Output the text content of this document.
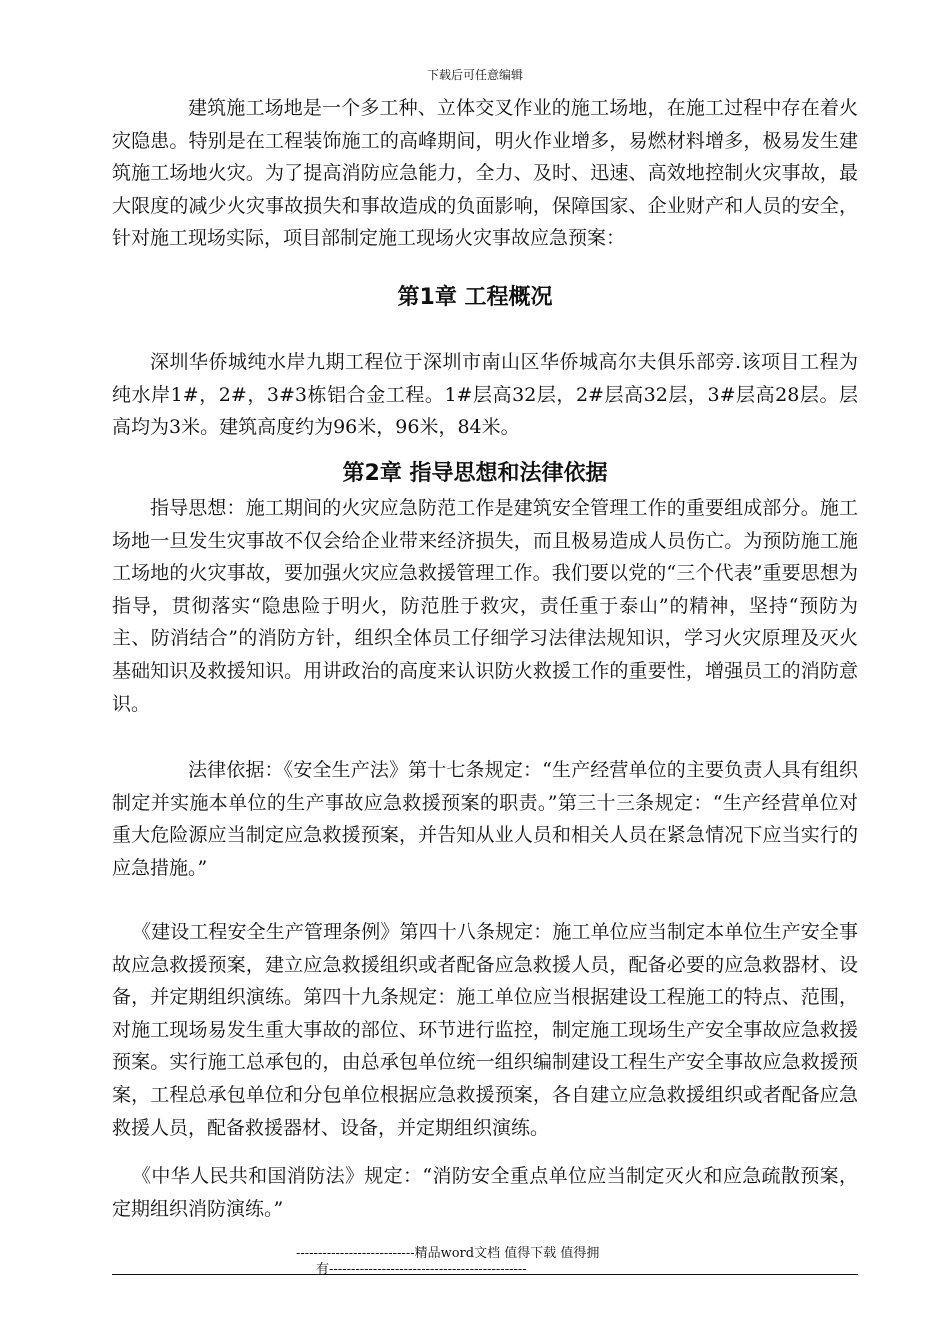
下载后可任意编辑

建筑施工场地是一个多工种、立体交叉作业的施工场地，在施工过程中存在着火灾隐患。特别是在工程装饰施工的高峰期间，明火作业增多，易燃材料增多，极易发生建筑施工场地火灾。为了提高消防应急能力，全力、及时、迅速、高效地控制火灾事故，最大限度的减少火灾事故损失和事故造成的负面影响，保障国家、企业财产和人员的安全，针对施工现场实际，项目部制定施工现场火灾事故应急预案：

第1章 工程概况

深圳华侨城纯水岸九期工程位于深圳市南山区华侨城高尔夫俱乐部旁.该项目工程为纯水岸1#，2#，3#3栋铝合金工程。1#层高32层，2#层高32层，3#层高28层。层高均为3米。建筑高度约为96米，96米，84米。

第2章 指导思想和法律依据

指导思想：施工期间的火灾应急防范工作是建筑安全管理工作的重要组成部分。施工场地一旦发生灾事故不仅会给企业带来经济损失，而且极易造成人员伤亡。为预防施工施工场地的火灾事故，要加强火灾应急救援管理工作。我们要以党的“三个代表”重要思想为指导，贯彻落实“隐患险于明火，防范胜于救灾，责任重于泰山”的精神，坚持“预防为主、防消结合”的消防方针，组织全体员工仔细学习法律法规知识，学习火灾原理及灭火基础知识及救援知识。用讲政治的高度来认识防火救援工作的重要性，增强员工的消防意识。

法律依据：《安全生产法》第十七条规定：“生产经营单位的主要负责人具有组织制定并实施本单位的生产事故应急救援预案的职责。”第三十三条规定：“生产经营单位对重大危险源应当制定应急救援预案，并告知从业人员和相关人员在紧急情况下应当实行的应急措施。”

《建设工程安全生产管理条例》第四十八条规定：施工单位应当制定本单位生产安全事故应急救援预案，建立应急救援组织或者配备应急救援人员，配备必要的应急救器材、设备，并定期组织演练。第四十九条规定：施工单位应当根据建设工程施工的特点、范围，对施工现场易发生重大事故的部位、环节进行监控，制定施工现场生产安全事故应急救援预案。实行施工总承包的，由总承包单位统一组织编制建设工程生产安全事故应急救援预案，工程总承包单位和分包单位根据应急救援预案，各自建立应急救援组织或者配备应急救援人员，配备救援器材、设备，并定期组织演练。

《中华人民共和国消防法》规定：“消防安全重点单位应当制定灭火和应急疏散预案，定期组织消防演练。”

---------------------------精品word文档 值得下载 值得拥
有---------------------------------------------
